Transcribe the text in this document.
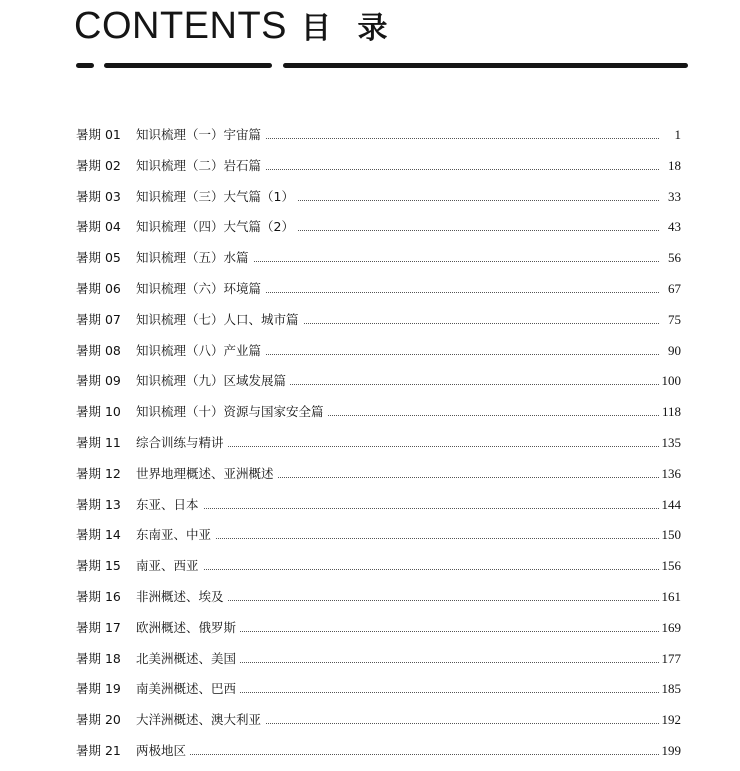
CONTENTS 目 录
暑期 01	知识梳理（一）宇宙篇	1
暑期 02	知识梳理（二）岩石篇	18
暑期 03	知识梳理（三）大气篇（1）	33
暑期 04	知识梳理（四）大气篇（2）	43
暑期 05	知识梳理（五）水篇	56
暑期 06	知识梳理（六）环境篇	67
暑期 07	知识梳理（七）人口、城市篇	75
暑期 08	知识梳理（八）产业篇	90
暑期 09	知识梳理（九）区域发展篇	100
暑期 10	知识梳理（十）资源与国家安全篇	118
暑期 11	综合训练与精讲	135
暑期 12	世界地理概述、亚洲概述	136
暑期 13	东亚、日本	144
暑期 14	东南亚、中亚	150
暑期 15	南亚、西亚	156
暑期 16	非洲概述、埃及	161
暑期 17	欧洲概述、俄罗斯	169
暑期 18	北美洲概述、美国	177
暑期 19	南美洲概述、巴西	185
暑期 20	大洋洲概述、澳大利亚	192
暑期 21	两极地区	199
